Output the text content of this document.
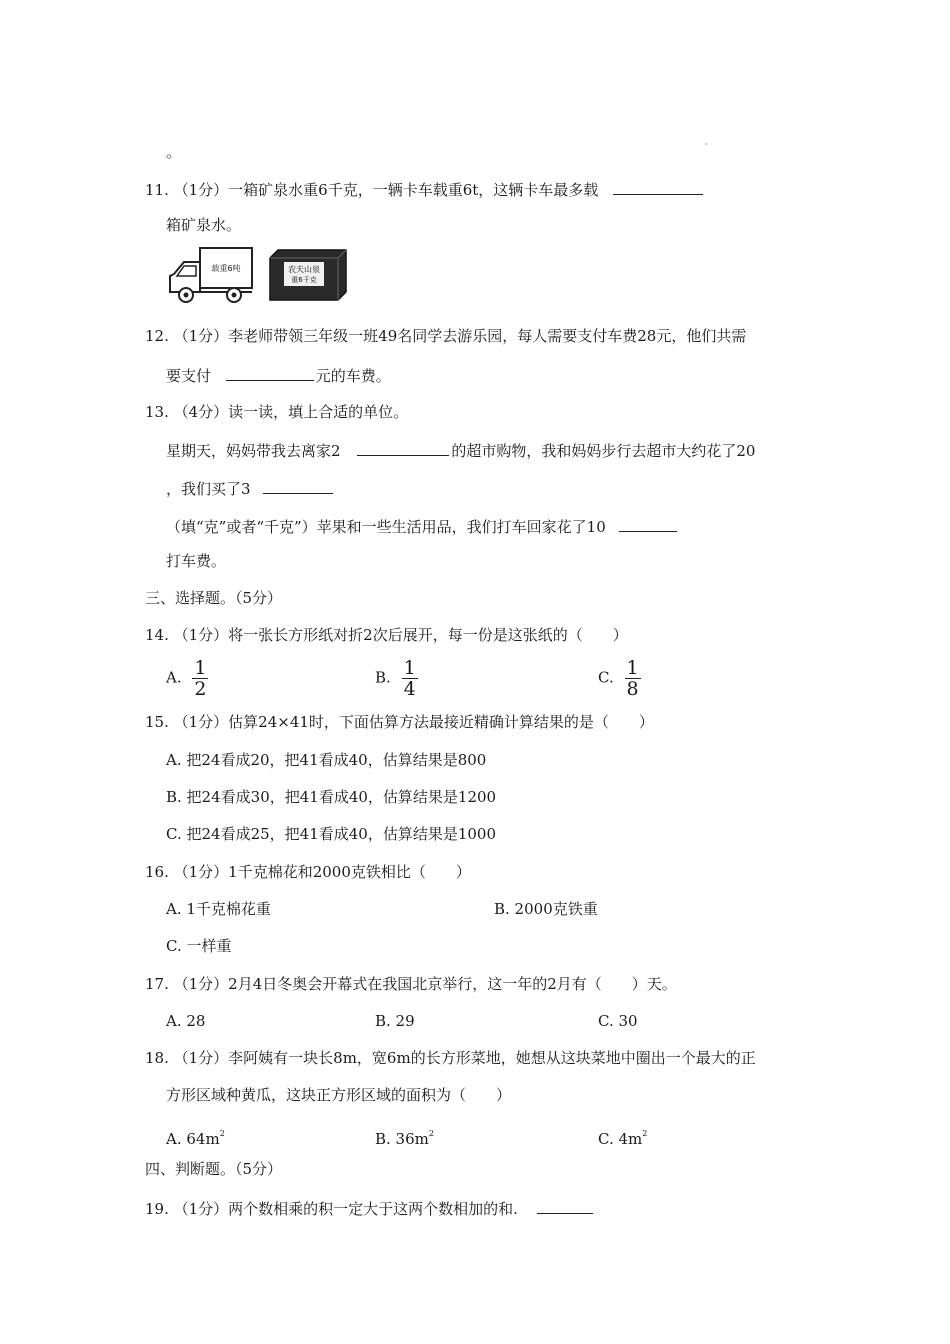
。
11. （1分）一箱矿泉水重6千克，一辆卡车载重6t，这辆卡车最多载
箱矿泉水。
载重6吨	农夫山泉
重6千克
12. （1分）李老师带领三年级一班49名同学去游乐园，每人需要支付车费28元，他们共需
要支付	元的车费。
13. （4分）读一读，填上合适的单位。
星期天，妈妈带我去离家2	的超市购物，我和妈妈步行去超市大约花了20
，我们买了3
（填“克”或者“千克”）苹果和一些生活用品，我们打车回家花了10
打车费。
三、选择题。（5分）
14. （1分）将一张长方形纸对折2次后展开，每一份是这张纸的（　　）
A. $\frac{1}{2}$	B. $\frac{1}{4}$	C. $\frac{1}{8}$
15. （1分）估算24×41时，下面估算方法最接近精确计算结果的是（　　）
A. 把24看成20，把41看成40，估算结果是800
B. 把24看成30，把41看成40，估算结果是1200
C. 把24看成25，把41看成40，估算结果是1000
16. （1分）1千克棉花和2000克铁相比（　　）
A. 1千克棉花重	B. 2000克铁重
C. 一样重
17. （1分）2月4日冬奥会开幕式在我国北京举行，这一年的2月有（　　）天。
A. 28	B. 29	C. 30
18. （1分）李阿姨有一块长8m，宽6m的长方形菜地，她想从这块菜地中圈出一个最大的正
方形区域种黄瓜，这块正方形区域的面积为（　　）
A. $64m^2$	B. $36m^2$	C. $4m^2$
四、判断题。（5分）
19. （1分）两个数相乘的积一定大于这两个数相加的和.
